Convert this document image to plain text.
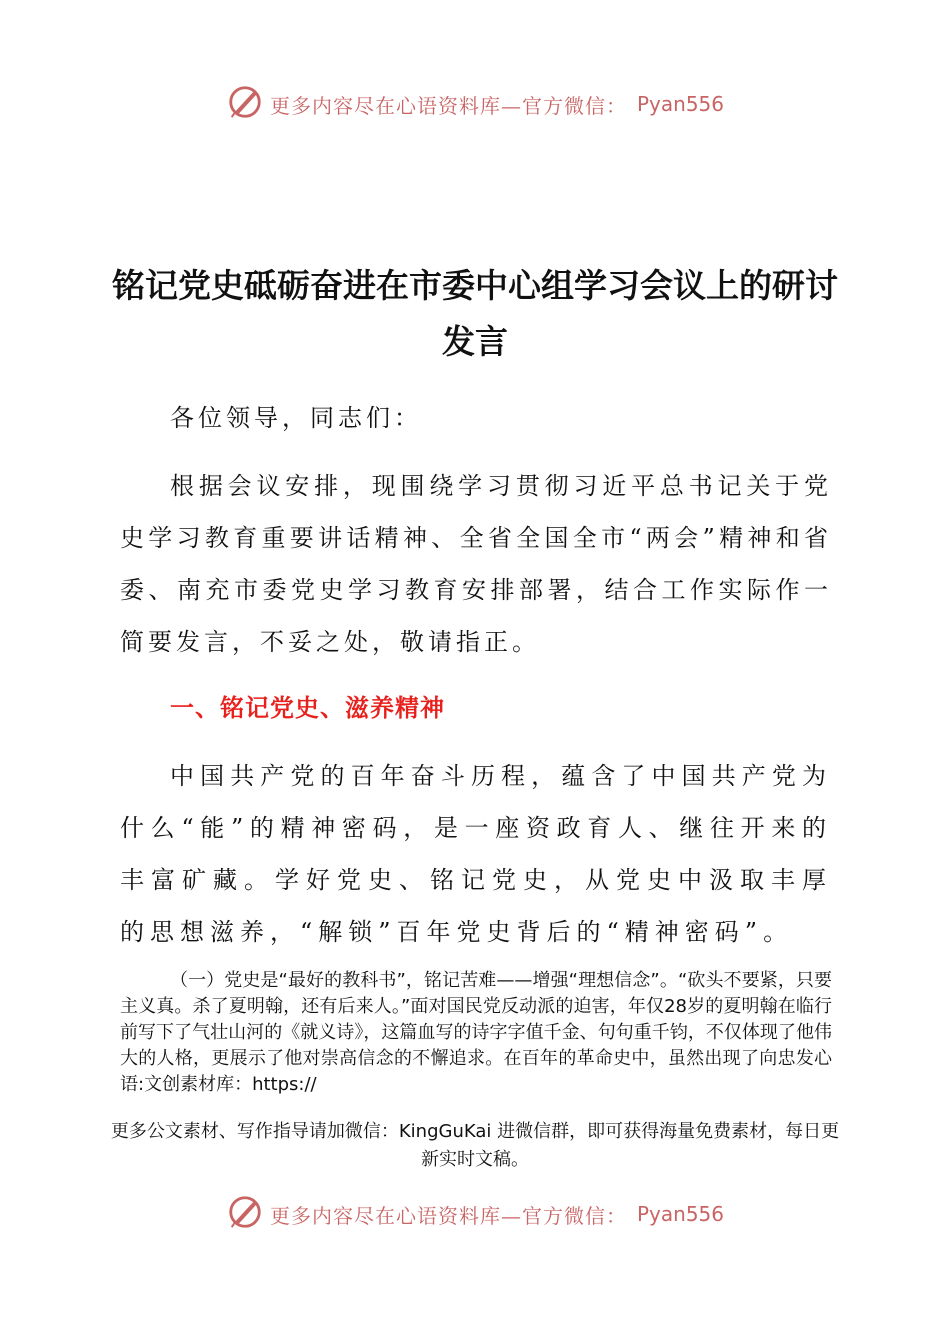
更多内容尽在心语资料库—官方微信： Pyan556
铭记党史砥砺奋进在市委中心组学习会议上的研讨发言

各位领导，同志们：

根据会议安排，现围绕学习贯彻习近平总书记关于党史学习教育重要讲话精神、全省全国全市“两会”精神和省委、南充市委党史学习教育安排部署，结合工作实际作一简要发言，不妥之处，敬请指正。

一、铭记党史、滋养精神

中国共产党的百年奋斗历程，蕴含了中国共产党为什么“能”的精神密码，是一座资政育人、继往开来的丰富矿藏。学好党史、铭记党史，从党史中汲取丰厚的思想滋养，“解锁”百年党史背后的“精神密码”。

（一）党史是“最好的教科书”，铭记苦难——增强“理想信念”。“砍头不要紧，只要主义真。杀了夏明翰，还有后来人。”面对国民党反动派的迫害，年仅28岁的夏明翰在临行前写下了气壮山河的《就义诗》，这篇血写的诗字字值千金、句句重千钧，不仅体现了他伟大的人格，更展示了他对崇高信念的不懈追求。在百年的革命史中，虽然出现了向忠发心语:文创素材库：https://

更多公文素材、写作指导请加微信：KingGuKai 进微信群，即可获得海量免费素材，每日更新实时文稿。

更多内容尽在心语资料库—官方微信： Pyan556
